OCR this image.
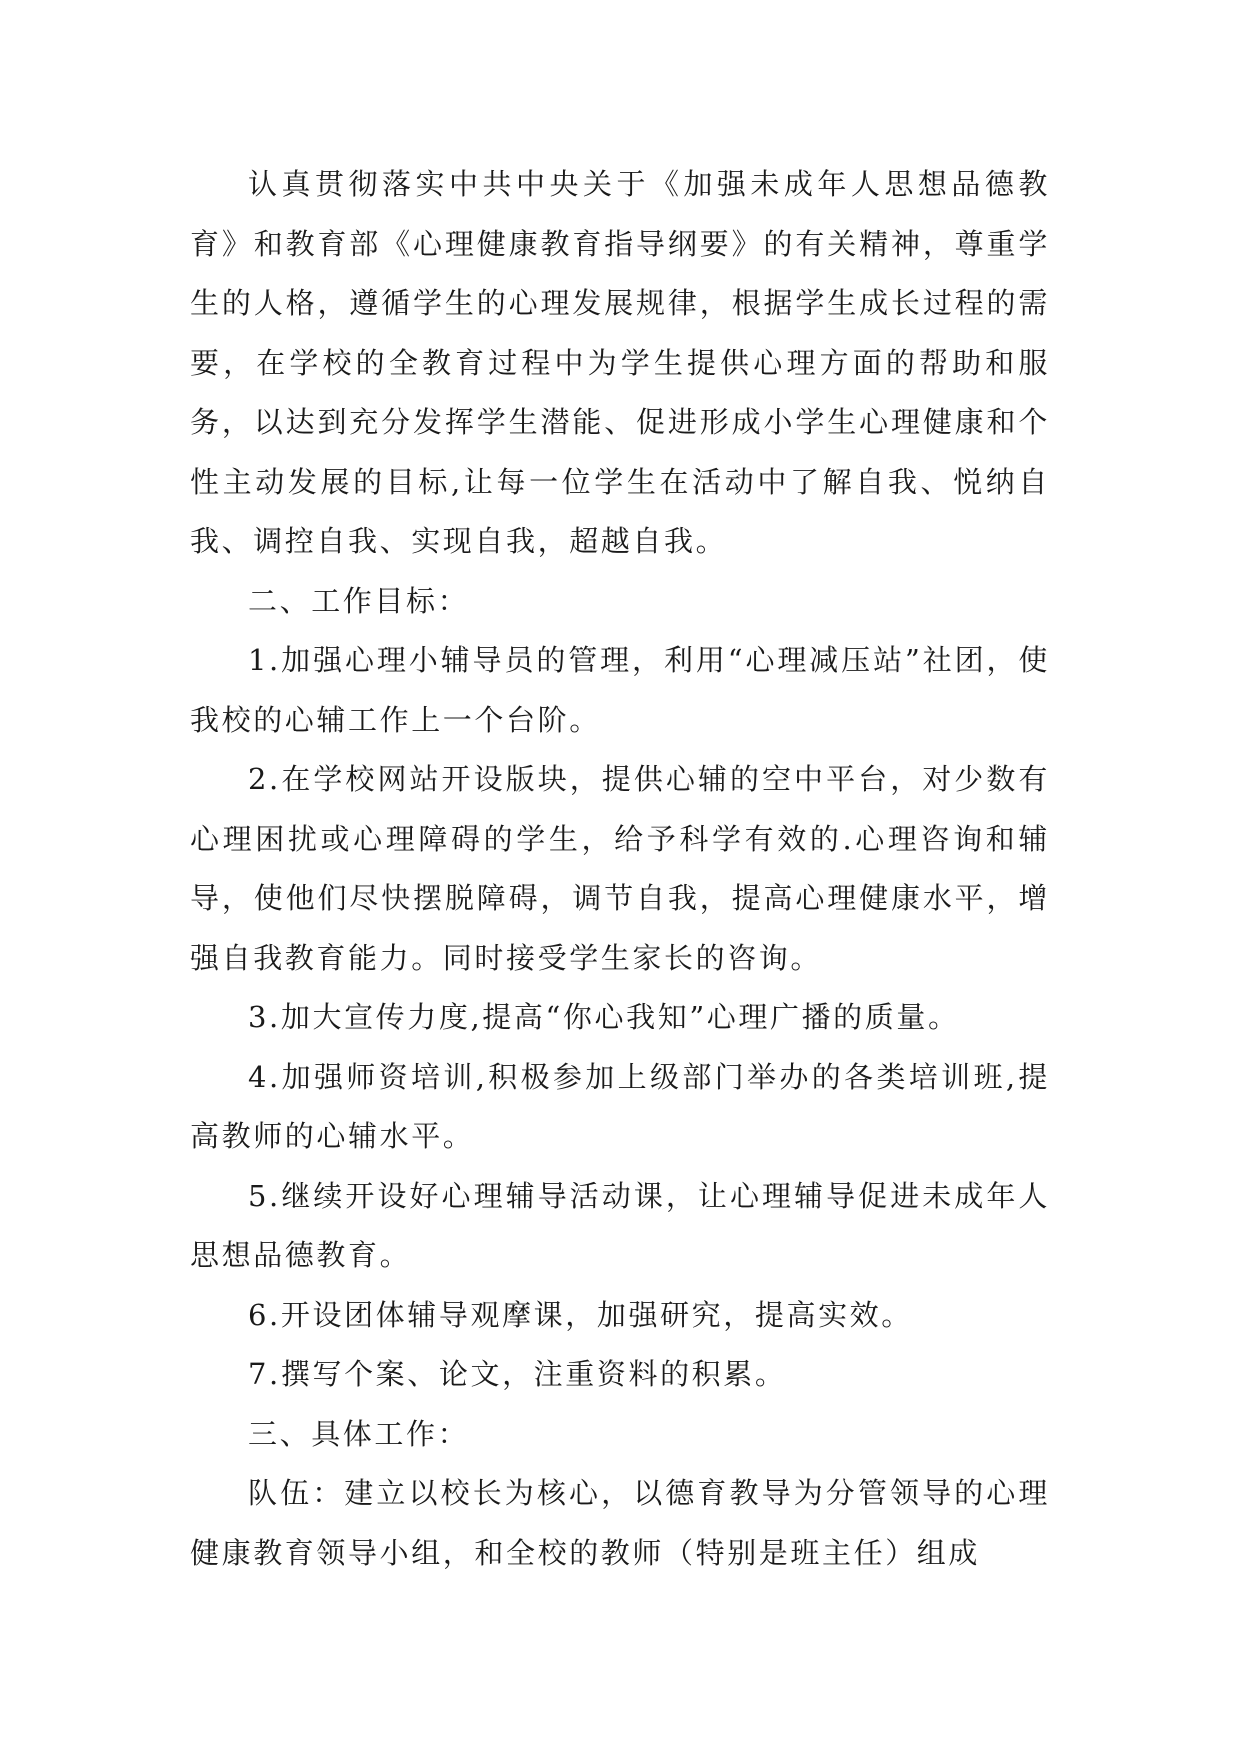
认真贯彻落实中共中央关于《加强未成年人思想品德教育》和教育部《心理健康教育指导纲要》的有关精神，尊重学生的人格，遵循学生的心理发展规律，根据学生成长过程的需要，在学校的全教育过程中为学生提供心理方面的帮助和服务，以达到充分发挥学生潜能、促进形成小学生心理健康和个性主动发展的目标,让每一位学生在活动中了解自我、悦纳自我、调控自我、实现自我，超越自我。

二、工作目标：

1.加强心理小辅导员的管理，利用“心理减压站”社团，使我校的心辅工作上一个台阶。

2.在学校网站开设版块，提供心辅的空中平台，对少数有心理困扰或心理障碍的学生，给予科学有效的.心理咨询和辅导，使他们尽快摆脱障碍，调节自我，提高心理健康水平，增强自我教育能力。同时接受学生家长的咨询。

3.加大宣传力度,提高“你心我知”心理广播的质量。

4.加强师资培训,积极参加上级部门举办的各类培训班,提高教师的心辅水平。

5.继续开设好心理辅导活动课，让心理辅导促进未成年人思想品德教育。

6.开设团体辅导观摩课，加强研究，提高实效。

7.撰写个案、论文，注重资料的积累。

三、具体工作：

队伍：建立以校长为核心，以德育教导为分管领导的心理健康教育领导小组，和全校的教师（特别是班主任）组成
